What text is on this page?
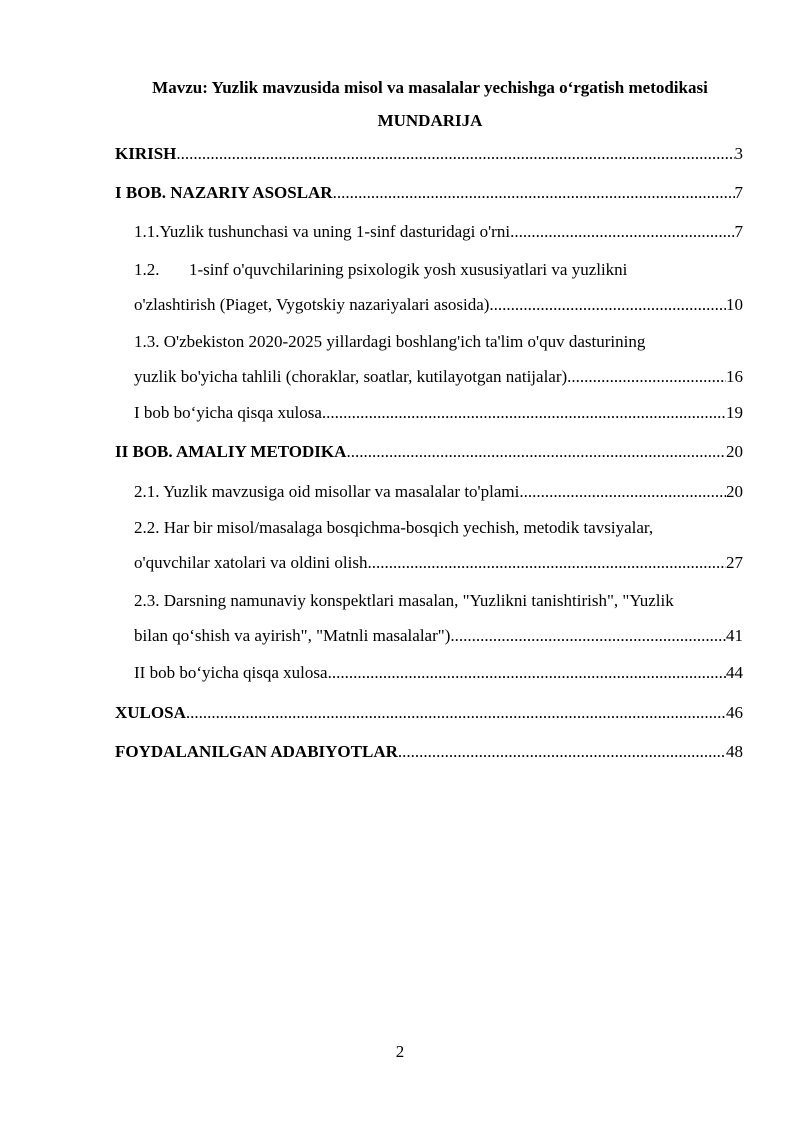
Mavzu: Yuzlik mavzusida misol va masalalar yechishga o‘rgatish metodikasi
MUNDARIJA
KIRISH .....	3
I BOB. NAZARIY ASOSLAR .....	7
1.1. Yuzlik tushunchasi va uning 1-sinf dasturidagi o'rni .....	7
1.2. 1-sinf o'quvchilarining psixologik yosh xususiyatlari va yuzlikni
o'zlashtirish (Piaget, Vygotskiy nazariyalari asosida) .....	10
1.3. O'zbekiston 2020-2025 yillardagi boshlang'ich ta'lim o'quv dasturining
yuzlik bo'yicha tahlili (choraklar, soatlar, kutilayotgan natijalar) .....	16
I bob bo‘yicha qisqa xulosa .....	19
II BOB. AMALIY METODIKA .....	20
2.1. Yuzlik mavzusiga oid misollar va masalalar to'plami .....	20
2.2. Har bir misol/masalaga bosqichma-bosqich yechish, metodik tavsiyalar,
o'quvchilar xatolari va oldini olish .....	27
2.3. Darsning namunaviy konspektlari masalan, "Yuzlikni tanishtirish", "Yuzlik
bilan qo‘shish va ayirish", "Matnli masalalar") .....	41
II bob bo‘yicha qisqa xulosa .....	44
XULOSA .....	46
FOYDALANILGAN ADABIYOTLAR .....	48
2
